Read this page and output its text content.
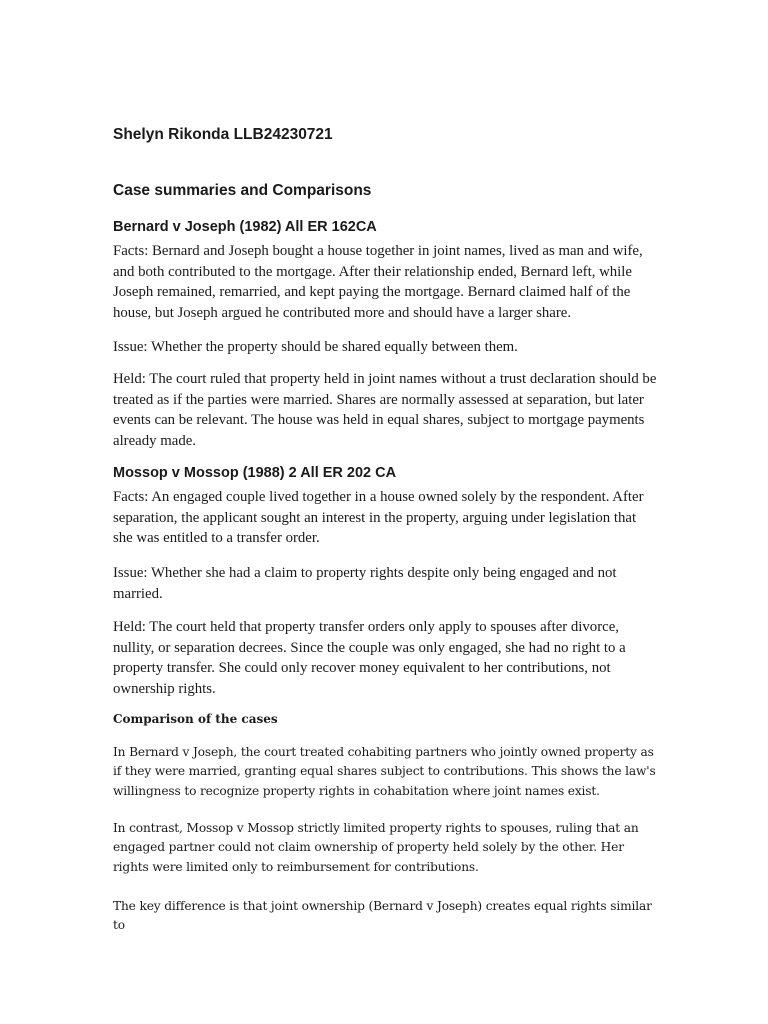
Shelyn Rikonda LLB24230721
Case summaries and Comparisons
Bernard v Joseph (1982) All ER 162CA

Facts: Bernard and Joseph bought a house together in joint names, lived as man and wife, and both contributed to the mortgage. After their relationship ended, Bernard left, while Joseph remained, remarried, and kept paying the mortgage. Bernard claimed half of the house, but Joseph argued he contributed more and should have a larger share.

Issue: Whether the property should be shared equally between them.

Held: The court ruled that property held in joint names without a trust declaration should be treated as if the parties were married. Shares are normally assessed at separation, but later events can be relevant. The house was held in equal shares, subject to mortgage payments already made.

Mossop v Mossop (1988) 2 All ER 202 CA

Facts: An engaged couple lived together in a house owned solely by the respondent. After separation, the applicant sought an interest in the property, arguing under legislation that she was entitled to a transfer order.

Issue: Whether she had a claim to property rights despite only being engaged and not married.

Held: The court held that property transfer orders only apply to spouses after divorce, nullity, or separation decrees. Since the couple was only engaged, she had no right to a property transfer. She could only recover money equivalent to her contributions, not ownership rights.

Comparison of the cases

In Bernard v Joseph, the court treated cohabiting partners who jointly owned property as if they were married, granting equal shares subject to contributions. This shows the law's willingness to recognize property rights in cohabitation where joint names exist.

In contrast, Mossop v Mossop strictly limited property rights to spouses, ruling that an engaged partner could not claim ownership of property held solely by the other. Her rights were limited only to reimbursement for contributions.

The key difference is that joint ownership (Bernard v Joseph) creates equal rights similar to
